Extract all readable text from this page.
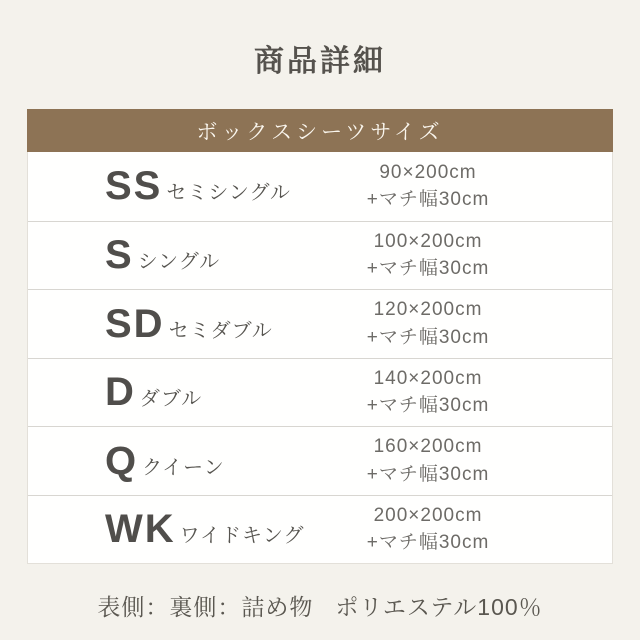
商品詳細
ボックスシーツサイズ
SS セミシングル
90×200cm
+マチ幅30cm
S シングル
100×200cm
+マチ幅30cm
SD セミダブル
120×200cm
+マチ幅30cm
D ダブル
140×200cm
+マチ幅30cm
Q クイーン
160×200cm
+マチ幅30cm
WK ワイドキング
200×200cm
+マチ幅30cm
表側：裏側：詰め物 ポリエステル100％
